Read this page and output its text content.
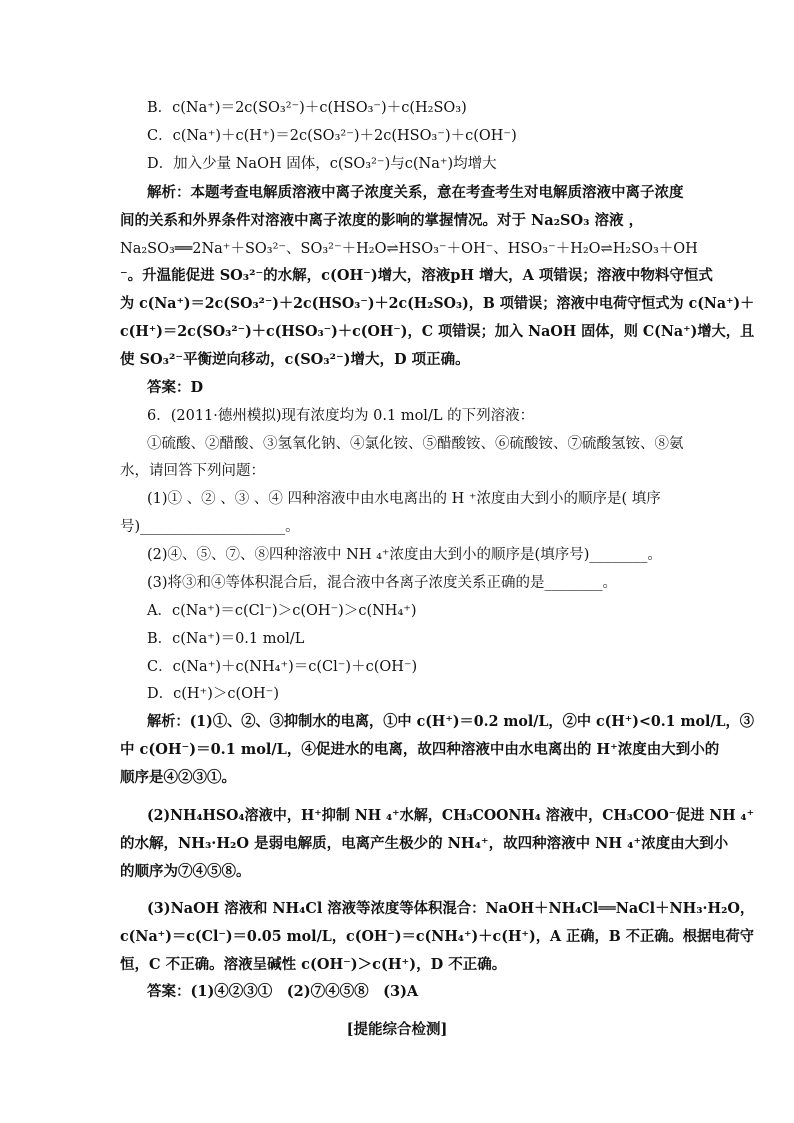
B．c(Na⁺)＝2c(SO₃²⁻)＋c(HSO₃⁻)＋c(H₂SO₃)
C．c(Na⁺)＋c(H⁺)＝2c(SO₃²⁻)＋2c(HSO₃⁻)＋c(OH⁻)
D．加入少量 NaOH 固体，c(SO₃²⁻)与c(Na⁺)均增大
解析：本题考查电解质溶液中离子浓度关系，意在考查考生对电解质溶液中离子浓度
间的关系和外界条件对溶液中离子浓度的影响的掌握情况。对于 Na₂SO₃ 溶液 ，
Na₂SO₃══2Na⁺＋SO₃²⁻、SO₃²⁻＋H₂O⇌HSO₃⁻＋OH⁻、HSO₃⁻＋H₂O⇌H₂SO₃＋OH
⁻。升温能促进 SO₃²⁻的水解，c(OH⁻)增大，溶液pH 增大，A 项错误；溶液中物料守恒式
为 c(Na⁺)＝2c(SO₃²⁻)＋2c(HSO₃⁻)＋2c(H₂SO₃)，B 项错误；溶液中电荷守恒式为 c(Na⁺)＋
c(H⁺)＝2c(SO₃²⁻)＋c(HSO₃⁻)＋c(OH⁻)，C 项错误；加入 NaOH 固体，则 C(Na⁺)增大，且
使 SO₃²⁻平衡逆向移动，c(SO₃²⁻)增大，D 项正确。
答案：D
6．(2011·德州模拟)现有浓度均为 0.1 mol/L 的下列溶液：
①硫酸、②醋酸、③氢氧化钠、④氯化铵、⑤醋酸铵、⑥硫酸铵、⑦硫酸氢铵、⑧氨
水，请回答下列问题：
(1)① 、② 、③ 、④ 四种溶液中由水电离出的 H ⁺浓度由大到小的顺序是( 填序
号)____________________。
(2)④、⑤、⑦、⑧四种溶液中 NH ₄⁺浓度由大到小的顺序是(填序号)________。
(3)将③和④等体积混合后，混合液中各离子浓度关系正确的是________。
A．c(Na⁺)＝c(Cl⁻)＞c(OH⁻)＞c(NH₄⁺)
B．c(Na⁺)＝0.1 mol/L
C．c(Na⁺)＋c(NH₄⁺)＝c(Cl⁻)＋c(OH⁻)
D．c(H⁺)＞c(OH⁻)
解析：(1)①、②、③抑制水的电离，①中 c(H⁺)＝0.2 mol/L，②中 c(H⁺)<0.1 mol/L，③
中 c(OH⁻)＝0.1 mol/L，④促进水的电离，故四种溶液中由水电离出的 H⁺浓度由大到小的
顺序是④②③①。
(2)NH₄HSO₄溶液中，H⁺抑制 NH ₄⁺水解，CH₃COONH₄ 溶液中，CH₃COO⁻促进 NH ₄⁺
的水解，NH₃·H₂O 是弱电解质，电离产生极少的 NH₄⁺，故四种溶液中 NH ₄⁺浓度由大到小
的顺序为⑦④⑤⑧。
(3)NaOH 溶液和 NH₄Cl 溶液等浓度等体积混合：NaOH＋NH₄Cl══NaCl＋NH₃·H₂O，
c(Na⁺)＝c(Cl⁻)＝0.05 mol/L，c(OH⁻)＝c(NH₄⁺)＋c(H⁺)，A 正确，B 不正确。根据电荷守
恒，C 不正确。溶液呈碱性 c(OH⁻)＞c(H⁺)，D 不正确。
答案：(1)④②③①　(2)⑦④⑤⑧　(3)A
[提能综合检测]
